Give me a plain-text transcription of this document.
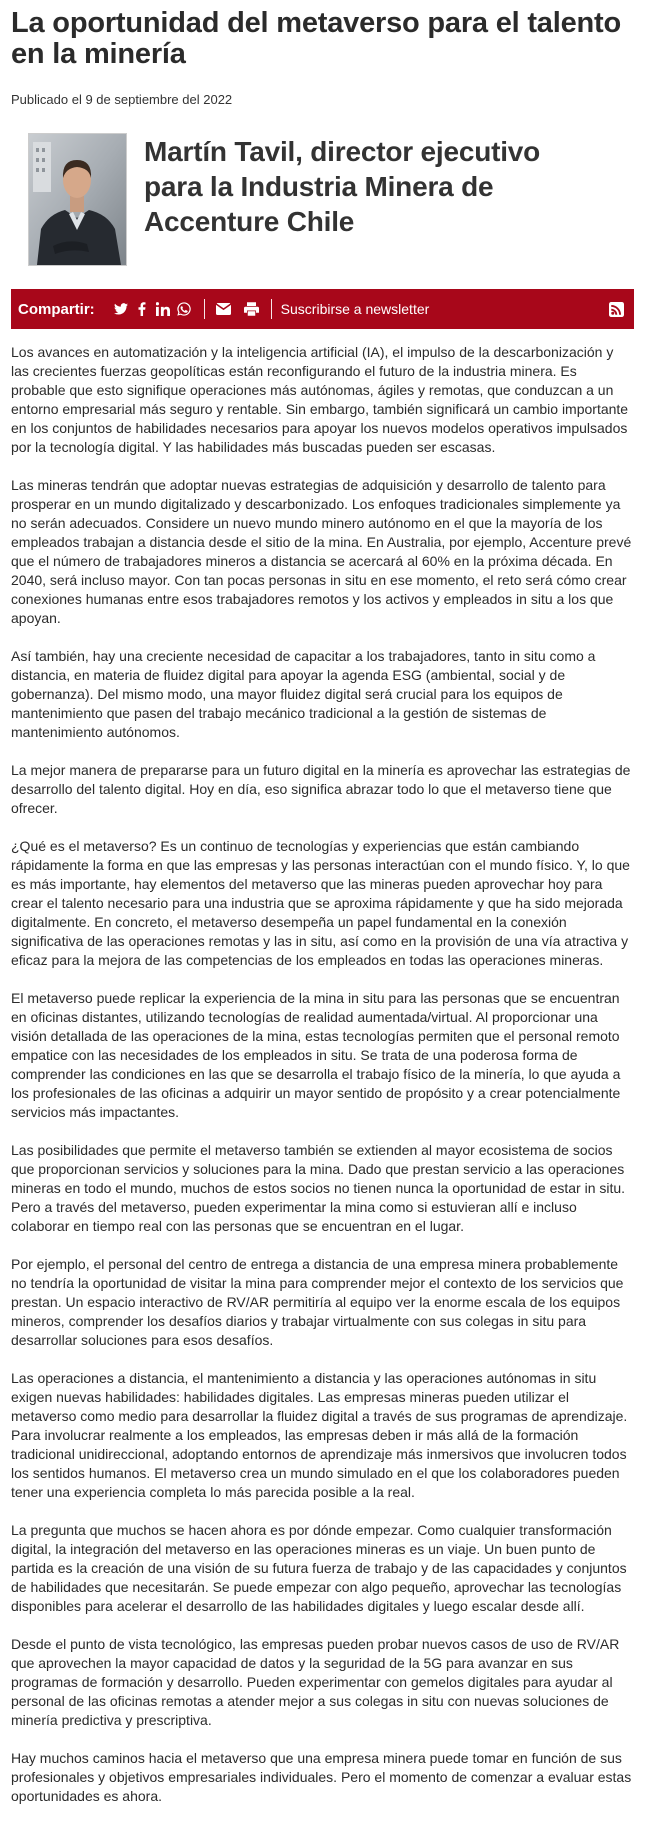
La oportunidad del metaverso para el talento en la minería
Publicado el 9 de septiembre del 2022
Martín Tavil, director ejecutivo para la Industria Minera de Accenture Chile
Compartir:	Suscribirse a newsletter

Los avances en automatización y la inteligencia artificial (IA), el impulso de la descarbonización y las crecientes fuerzas geopolíticas están reconfigurando el futuro de la industria minera. Es probable que esto signifique operaciones más autónomas, ágiles y remotas, que conduzcan a un entorno empresarial más seguro y rentable. Sin embargo, también significará un cambio importante en los conjuntos de habilidades necesarios para apoyar los nuevos modelos operativos impulsados por la tecnología digital. Y las habilidades más buscadas pueden ser escasas.

Las mineras tendrán que adoptar nuevas estrategias de adquisición y desarrollo de talento para prosperar en un mundo digitalizado y descarbonizado. Los enfoques tradicionales simplemente ya no serán adecuados. Considere un nuevo mundo minero autónomo en el que la mayoría de los empleados trabajan a distancia desde el sitio de la mina. En Australia, por ejemplo, Accenture prevé que el número de trabajadores mineros a distancia se acercará al 60% en la próxima década. En 2040, será incluso mayor. Con tan pocas personas in situ en ese momento, el reto será cómo crear conexiones humanas entre esos trabajadores remotos y los activos y empleados in situ a los que apoyan.

Así también, hay una creciente necesidad de capacitar a los trabajadores, tanto in situ como a distancia, en materia de fluidez digital para apoyar la agenda ESG (ambiental, social y de gobernanza). Del mismo modo, una mayor fluidez digital será crucial para los equipos de mantenimiento que pasen del trabajo mecánico tradicional a la gestión de sistemas de mantenimiento autónomos.

La mejor manera de prepararse para un futuro digital en la minería es aprovechar las estrategias de desarrollo del talento digital. Hoy en día, eso significa abrazar todo lo que el metaverso tiene que ofrecer.

¿Qué es el metaverso? Es un continuo de tecnologías y experiencias que están cambiando rápidamente la forma en que las empresas y las personas interactúan con el mundo físico. Y, lo que es más importante, hay elementos del metaverso que las mineras pueden aprovechar hoy para crear el talento necesario para una industria que se aproxima rápidamente y que ha sido mejorada digitalmente. En concreto, el metaverso desempeña un papel fundamental en la conexión significativa de las operaciones remotas y las in situ, así como en la provisión de una vía atractiva y eficaz para la mejora de las competencias de los empleados en todas las operaciones mineras.

El metaverso puede replicar la experiencia de la mina in situ para las personas que se encuentran en oficinas distantes, utilizando tecnologías de realidad aumentada/virtual. Al proporcionar una visión detallada de las operaciones de la mina, estas tecnologías permiten que el personal remoto empatice con las necesidades de los empleados in situ. Se trata de una poderosa forma de comprender las condiciones en las que se desarrolla el trabajo físico de la minería, lo que ayuda a los profesionales de las oficinas a adquirir un mayor sentido de propósito y a crear potencialmente servicios más impactantes.

Las posibilidades que permite el metaverso también se extienden al mayor ecosistema de socios que proporcionan servicios y soluciones para la mina. Dado que prestan servicio a las operaciones mineras en todo el mundo, muchos de estos socios no tienen nunca la oportunidad de estar in situ. Pero a través del metaverso, pueden experimentar la mina como si estuvieran allí e incluso colaborar en tiempo real con las personas que se encuentran en el lugar.

Por ejemplo, el personal del centro de entrega a distancia de una empresa minera probablemente no tendría la oportunidad de visitar la mina para comprender mejor el contexto de los servicios que prestan. Un espacio interactivo de RV/AR permitiría al equipo ver la enorme escala de los equipos mineros, comprender los desafíos diarios y trabajar virtualmente con sus colegas in situ para desarrollar soluciones para esos desafíos.

Las operaciones a distancia, el mantenimiento a distancia y las operaciones autónomas in situ exigen nuevas habilidades: habilidades digitales. Las empresas mineras pueden utilizar el metaverso como medio para desarrollar la fluidez digital a través de sus programas de aprendizaje. Para involucrar realmente a los empleados, las empresas deben ir más allá de la formación tradicional unidireccional, adoptando entornos de aprendizaje más inmersivos que involucren todos los sentidos humanos. El metaverso crea un mundo simulado en el que los colaboradores pueden tener una experiencia completa lo más parecida posible a la real.

La pregunta que muchos se hacen ahora es por dónde empezar. Como cualquier transformación digital, la integración del metaverso en las operaciones mineras es un viaje. Un buen punto de partida es la creación de una visión de su futura fuerza de trabajo y de las capacidades y conjuntos de habilidades que necesitarán. Se puede empezar con algo pequeño, aprovechar las tecnologías disponibles para acelerar el desarrollo de las habilidades digitales y luego escalar desde allí.

Desde el punto de vista tecnológico, las empresas pueden probar nuevos casos de uso de RV/AR que aprovechen la mayor capacidad de datos y la seguridad de la 5G para avanzar en sus programas de formación y desarrollo. Pueden experimentar con gemelos digitales para ayudar al personal de las oficinas remotas a atender mejor a sus colegas in situ con nuevas soluciones de minería predictiva y prescriptiva.

Hay muchos caminos hacia el metaverso que una empresa minera puede tomar en función de sus profesionales y objetivos empresariales individuales. Pero el momento de comenzar a evaluar estas oportunidades es ahora.
